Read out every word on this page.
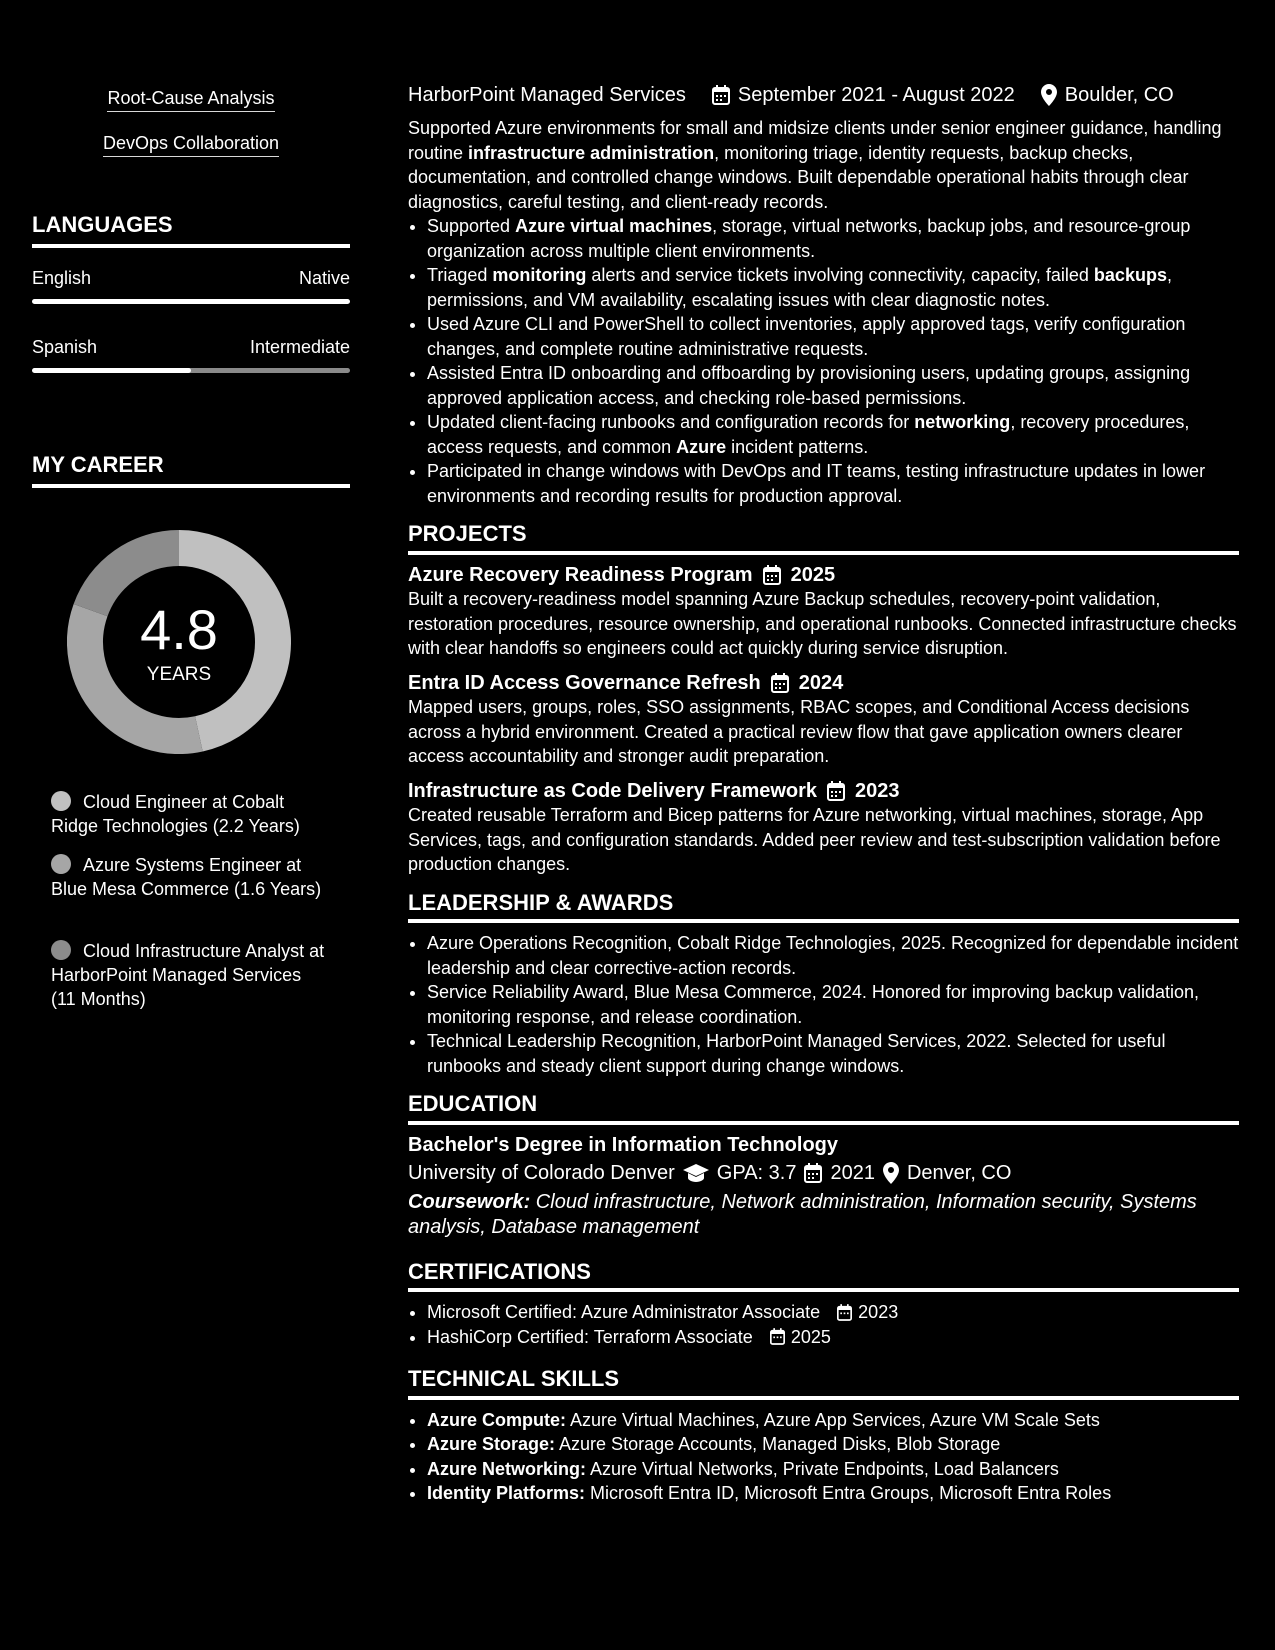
Root-Cause Analysis
DevOps Collaboration
LANGUAGES
English	Native
Spanish	Intermediate
MY CAREER
4.8
YEARS
Cloud Engineer at Cobalt Ridge Technologies (2.2 Years)
Azure Systems Engineer at Blue Mesa Commerce (1.6 Years)
Cloud Infrastructure Analyst at HarborPoint Managed Services (11 Months)
HarborPoint Managed Services	September 2021 - August 2022	Boulder, CO

Supported Azure environments for small and midsize clients under senior engineer guidance, handling routine infrastructure administration, monitoring triage, identity requests, backup checks, documentation, and controlled change windows. Built dependable operational habits through clear diagnostics, careful testing, and client-ready records.

• Supported Azure virtual machines, storage, virtual networks, backup jobs, and resource-group organization across multiple client environments.
• Triaged monitoring alerts and service tickets involving connectivity, capacity, failed backups, permissions, and VM availability, escalating issues with clear diagnostic notes.
• Used Azure CLI and PowerShell to collect inventories, apply approved tags, verify configuration changes, and complete routine administrative requests.
• Assisted Entra ID onboarding and offboarding by provisioning users, updating groups, assigning approved application access, and checking role-based permissions.
• Updated client-facing runbooks and configuration records for networking, recovery procedures, access requests, and common Azure incident patterns.
• Participated in change windows with DevOps and IT teams, testing infrastructure updates in lower environments and recording results for production approval.
PROJECTS
Azure Recovery Readiness Program 2025

Built a recovery-readiness model spanning Azure Backup schedules, recovery-point validation, restoration procedures, resource ownership, and operational runbooks. Connected infrastructure checks with clear handoffs so engineers could act quickly during service disruption.

Entra ID Access Governance Refresh 2024

Mapped users, groups, roles, SSO assignments, RBAC scopes, and Conditional Access decisions across a hybrid environment. Created a practical review flow that gave application owners clearer access accountability and stronger audit preparation.

Infrastructure as Code Delivery Framework 2023

Created reusable Terraform and Bicep patterns for Azure networking, virtual machines, storage, App Services, tags, and configuration standards. Added peer review and test-subscription validation before production changes.

LEADERSHIP & AWARDS
• Azure Operations Recognition, Cobalt Ridge Technologies, 2025. Recognized for dependable incident leadership and clear corrective-action records.
• Service Reliability Award, Blue Mesa Commerce, 2024. Honored for improving backup validation, monitoring response, and release coordination.
• Technical Leadership Recognition, HarborPoint Managed Services, 2022. Selected for useful runbooks and steady client support during change windows.
EDUCATION
Bachelor's Degree in Information Technology
University of Colorado Denver GPA: 3.7 2021 Denver, CO

Coursework: Cloud infrastructure, Network administration, Information security, Systems analysis, Database management

CERTIFICATIONS
• Microsoft Certified: Azure Administrator Associate
2023
• HashiCorp Certified: Terraform Associate
2025
TECHNICAL SKILLS
• Azure Compute: Azure Virtual Machines, Azure App Services, Azure VM Scale Sets
• Azure Storage: Azure Storage Accounts, Managed Disks, Blob Storage
• Azure Networking: Azure Virtual Networks, Private Endpoints, Load Balancers
• Identity Platforms: Microsoft Entra ID, Microsoft Entra Groups, Microsoft Entra Roles
